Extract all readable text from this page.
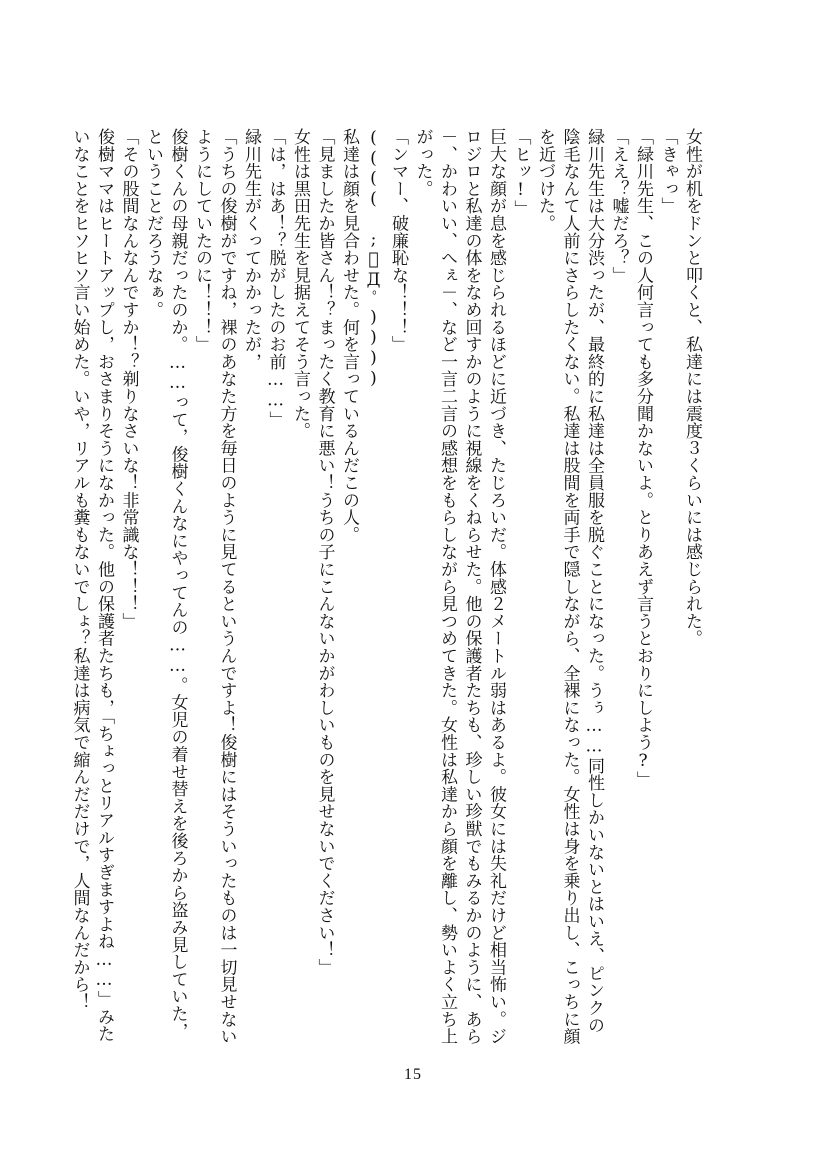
女性が机をドンと叩くと、私達には震度３くらいには感じられた。

「きゃっ」

「緑川先生、この人何言っても多分聞かないよ。とりあえず言うとおりにしよう?」

「ええ？嘘だろ？」

緑川先生は大分渋ったが、最終的に私達は全員服を脱ぐことになった。うぅ……同性しかいないとはいえ、ピンクの陰毛なんて人前にさらしたくない。私達は股間を両手で隠しながら、全裸になった。女性は身を乗り出し、こっちに顔を近づけた。

「ヒッ!」

巨大な顔が息を感じられるほどに近づき、たじろいだ。体感２メートル弱はあるよ。彼女には失礼だけど相当怖い。ジロジロと私達の体をなめ回すかのように視線をくねらせた。他の保護者たちも、珍しい珍獣でもみるかのように、あら－、かわいい、へぇ－、など一言二言の感想をもらしながら見つめてきた。女性は私達から顔を離し、勢いよく立ち上がった。

「ンマー、破廉恥な！！！」

(((( ;ﾟДﾟ))))

私達は顔を見合わせた。何を言っているんだこの人。

「見ましたか皆さん！？まったく教育に悪い！うちの子にこんないかがわしいものを見せないでください！」

女性は黒田先生を見据えてそう言った。

「は，はあ！？脱がしたのお前……」

緑川先生がくってかかったが，

「うちの俊樹がですね，裸のあなた方を毎日のように見てるというんですよ！俊樹にはそういったものは一切見せないようにしていたのに！！！」

俊樹くんの母親だったのか。……って，俊樹くんなにやってんの……。女児の着せ替えを後ろから盗み見していた，ということだろうなぁ。

「その股間なんなんですか！？剃りなさいな！非常識な！！！」

俊樹ママはヒートアップし，おさまりそうになかった。他の保護者たちも，「ちょっとリアルすぎますよね……」みたいなことをヒソヒソ言い始めた。いや，リアルも糞もないでしょ？私達は病気で縮んだだけで，人間なんだから！

15
